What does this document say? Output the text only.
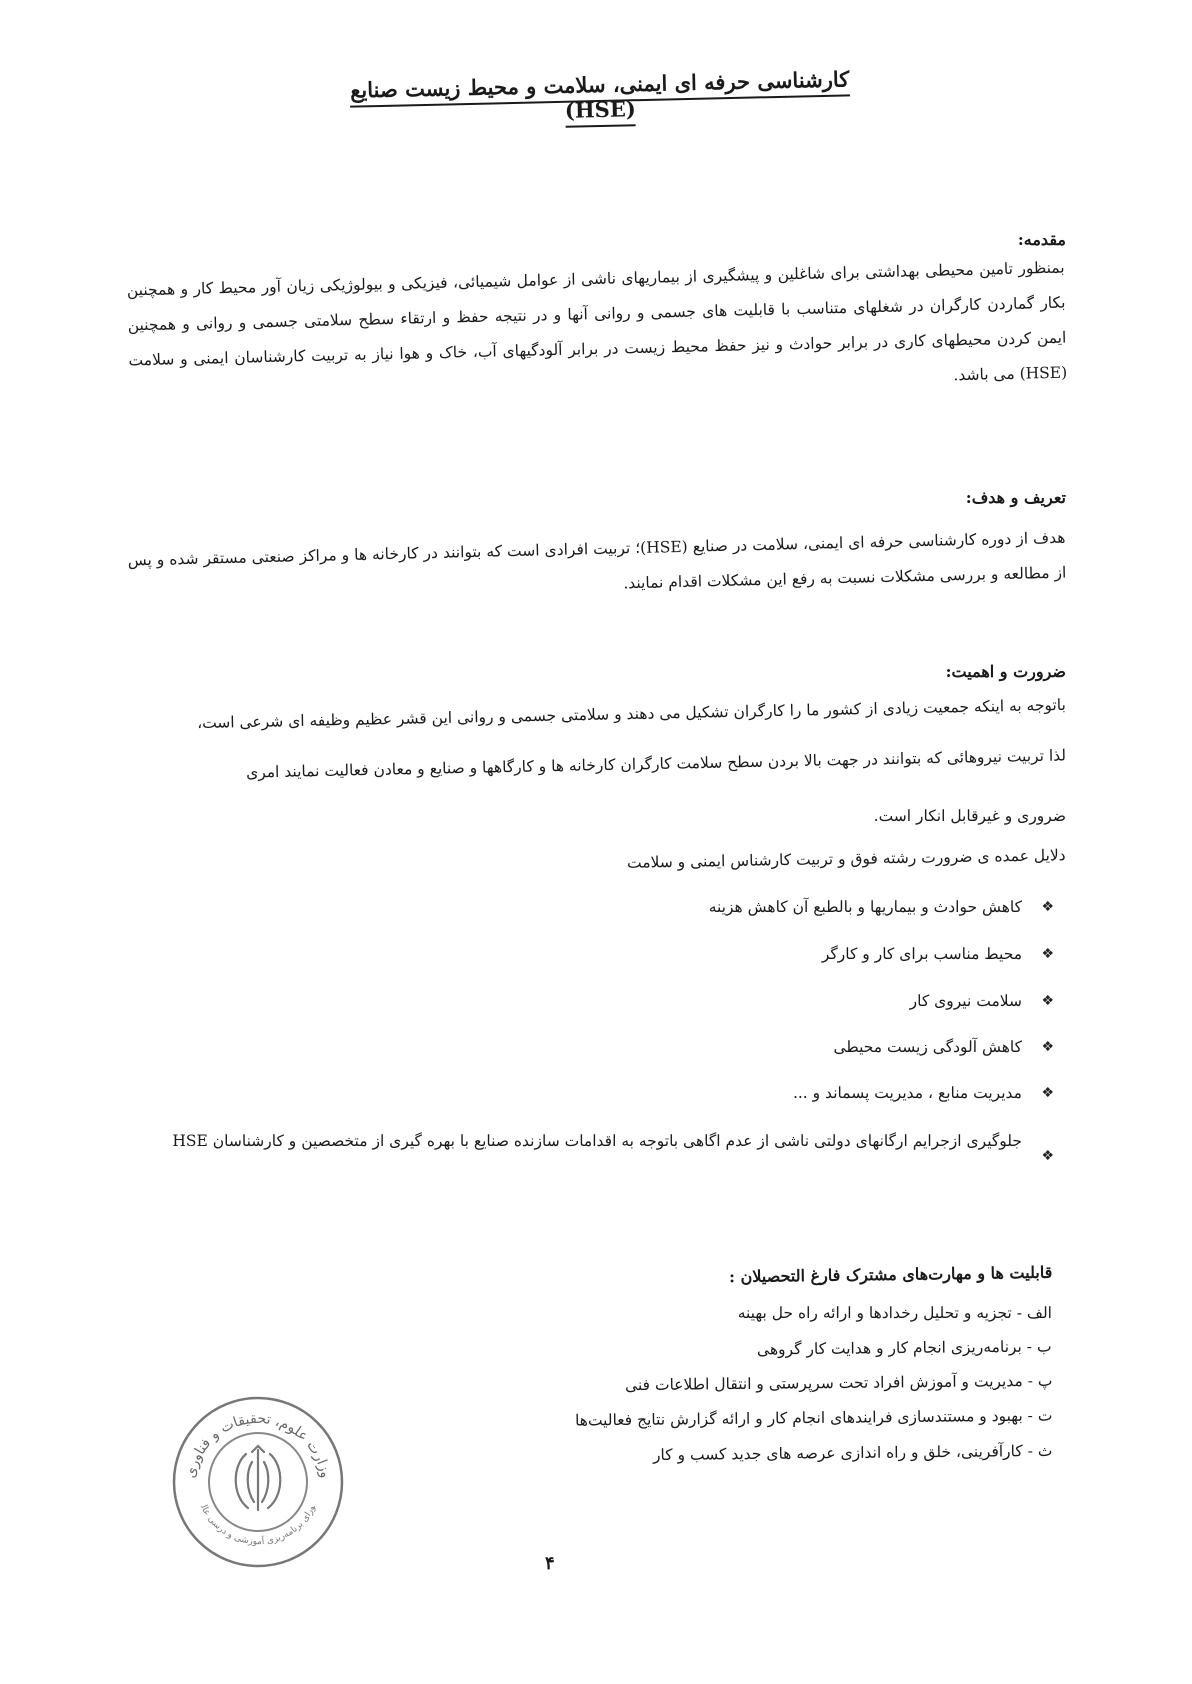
کارشناسی حرفه ای ایمنی، سلامت و محیط زیست صنایع (HSE)
مقدمه:
بمنظور تامین محیطی بهداشتی برای شاغلین و پیشگیری از بیماریهای ناشی از عوامل شیمیائی، فیزیکی و بیولوژیکی زیان آور محیط کار و همچنین بکار گماردن کارگران در شغلهای متناسب با قابلیت های جسمی و روانی آنها و در نتیجه حفظ و ارتقاء سطح سلامتی جسمی و روانی و همچنین ایمن کردن محیطهای کاری در برابر حوادث و نیز حفظ محیط زیست در برابر آلودگیهای آب، خاک و هوا نیاز به تربیت کارشناسان ایمنی و سلامت (HSE) می باشد.
تعریف و هدف:
هدف از دوره کارشناسی حرفه ای ایمنی، سلامت در صنایع (HSE)؛ تربیت افرادی است که بتوانند در کارخانه ها و مراکز صنعتی مستقر شده و پس از مطالعه و بررسی مشکلات نسبت به رفع این مشکلات اقدام نمایند.
ضرورت و اهمیت:
باتوجه به اینکه جمعیت زیادی از کشور ما را کارگران تشکیل می دهند و سلامتی جسمی و روانی این قشر عظیم وظیفه ای شرعی است،
لذا تربیت نیروهائی که بتوانند در جهت بالا بردن سطح سلامت کارگران کارخانه ها و کارگاهها و صنایع و معادن فعالیت نمایند امری
ضروری و غیرقابل انکار است.
دلایل عمده ی ضرورت رشته فوق و تربیت کارشناس ایمنی و سلامت
❖
کاهش حوادث و بیماریها و بالطبع آن کاهش هزینه
❖
محیط مناسب برای کار و کارگر
❖
سلامت نیروی کار
❖
کاهش آلودگی زیست محیطی
❖
مدیریت منابع ، مدیریت پسماند و ...
❖
جلوگیری ازجرایم ارگانهای دولتی ناشی از عدم اگاهی باتوجه به اقدامات سازنده صنایع با بهره گیری از متخصصین و کارشناسان HSE
قابلیت ها و مهارت‌های مشترک فارغ التحصیلان :
الف - تجزیه و تحلیل رخدادها و ارائه راه حل بهینه
ب - برنامه‌ریزی انجام کار و هدایت کار گروهی
پ - مدیریت و آموزش افراد تحت سرپرستی و انتقال اطلاعات فنی
ت - بهبود و مستندسازی فرایندهای انجام کار و ارائه گزارش نتایج فعالیت‌ها
ث - کارآفرینی، خلق و راه اندازی عرصه های جدید کسب و کار
وزارت علوم، تحقیقات و فناوری
ورای برنامه‌ریزی آموزشی و درسی عال
۴
